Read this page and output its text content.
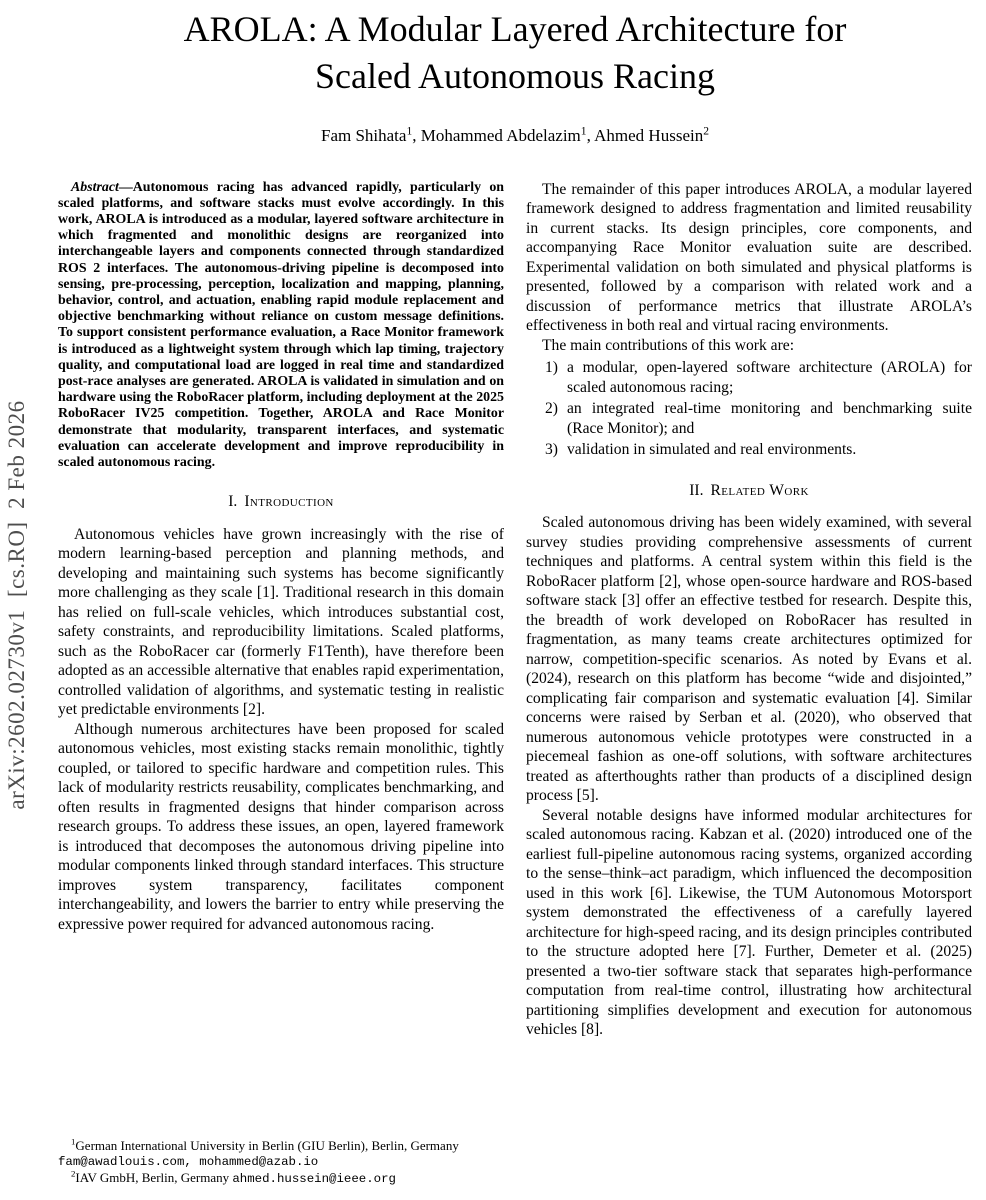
arXiv:2602.02730v1  [cs.RO]  2 Feb 2026
AROLA: A Modular Layered Architecture for
Scaled Autonomous Racing
Fam Shihata$^1$, Mohammed Abdelazim$^1$, Ahmed Hussein$^2$

Abstract—Autonomous racing has advanced rapidly, particularly on scaled platforms, and software stacks must evolve accordingly. In this work, AROLA is introduced as a modular, layered software architecture in which fragmented and monolithic designs are reorganized into interchangeable layers and components connected through standardized ROS 2 interfaces. The autonomous-driving pipeline is decomposed into sensing, pre-processing, perception, localization and mapping, planning, behavior, control, and actuation, enabling rapid module replacement and objective benchmarking without reliance on custom message definitions. To support consistent performance evaluation, a Race Monitor framework is introduced as a lightweight system through which lap timing, trajectory quality, and computational load are logged in real time and standardized post-race analyses are generated. AROLA is validated in simulation and on hardware using the RoboRacer platform, including deployment at the 2025 RoboRacer IV25 competition. Together, AROLA and Race Monitor demonstrate that modularity, transparent interfaces, and systematic evaluation can accelerate development and improve reproducibility in scaled autonomous racing.

I. Introduction

Autonomous vehicles have grown increasingly with the rise of modern learning-based perception and planning methods, and developing and maintaining such systems has become significantly more challenging as they scale [1]. Traditional research in this domain has relied on full-scale vehicles, which introduces substantial cost, safety constraints, and reproducibility limitations. Scaled platforms, such as the RoboRacer car (formerly F1Tenth), have therefore been adopted as an accessible alternative that enables rapid experimentation, controlled validation of algorithms, and systematic testing in realistic yet predictable environments [2].

Although numerous architectures have been proposed for scaled autonomous vehicles, most existing stacks remain monolithic, tightly coupled, or tailored to specific hardware and competition rules. This lack of modularity restricts reusability, complicates benchmarking, and often results in fragmented designs that hinder comparison across research groups. To address these issues, an open, layered framework is introduced that decomposes the autonomous driving pipeline into modular components linked through standard interfaces. This structure improves system transparency, facilitates component interchangeability, and lowers the barrier to entry while preserving the expressive power required for advanced autonomous racing.

$^1$German International University in Berlin (GIU Berlin), Berlin, Germany
fam@awadlouis.com, mohammed@azab.io
$^2$IAV GmbH, Berlin, Germany ahmed.hussein@ieee.org

The remainder of this paper introduces AROLA, a modular layered framework designed to address fragmentation and limited reusability in current stacks. Its design principles, core components, and accompanying Race Monitor evaluation suite are described. Experimental validation on both simulated and physical platforms is presented, followed by a comparison with related work and a discussion of performance metrics that illustrate AROLA’s effectiveness in both real and virtual racing environments.

The main contributions of this work are:

1) a modular, open-layered software architecture (AROLA) for scaled autonomous racing;
2) an integrated real-time monitoring and benchmarking suite (Race Monitor); and
3) validation in simulated and real environments.
II. Related Work

Scaled autonomous driving has been widely examined, with several survey studies providing comprehensive assessments of current techniques and platforms. A central system within this field is the RoboRacer platform [2], whose open-source hardware and ROS-based software stack [3] offer an effective testbed for research. Despite this, the breadth of work developed on RoboRacer has resulted in fragmentation, as many teams create architectures optimized for narrow, competition-specific scenarios. As noted by Evans et al. (2024), research on this platform has become “wide and disjointed,” complicating fair comparison and systematic evaluation [4]. Similar concerns were raised by Serban et al. (2020), who observed that numerous autonomous vehicle prototypes were constructed in a piecemeal fashion as one-off solutions, with software architectures treated as afterthoughts rather than products of a disciplined design process [5].

Several notable designs have informed modular architectures for scaled autonomous racing. Kabzan et al. (2020) introduced one of the earliest full-pipeline autonomous racing systems, organized according to the sense–think–act paradigm, which influenced the decomposition used in this work [6]. Likewise, the TUM Autonomous Motorsport system demonstrated the effectiveness of a carefully layered architecture for high-speed racing, and its design principles contributed to the structure adopted here [7]. Further, Demeter et al. (2025) presented a two-tier software stack that separates high-performance computation from real-time control, illustrating how architectural partitioning simplifies development and execution for autonomous vehicles [8].
